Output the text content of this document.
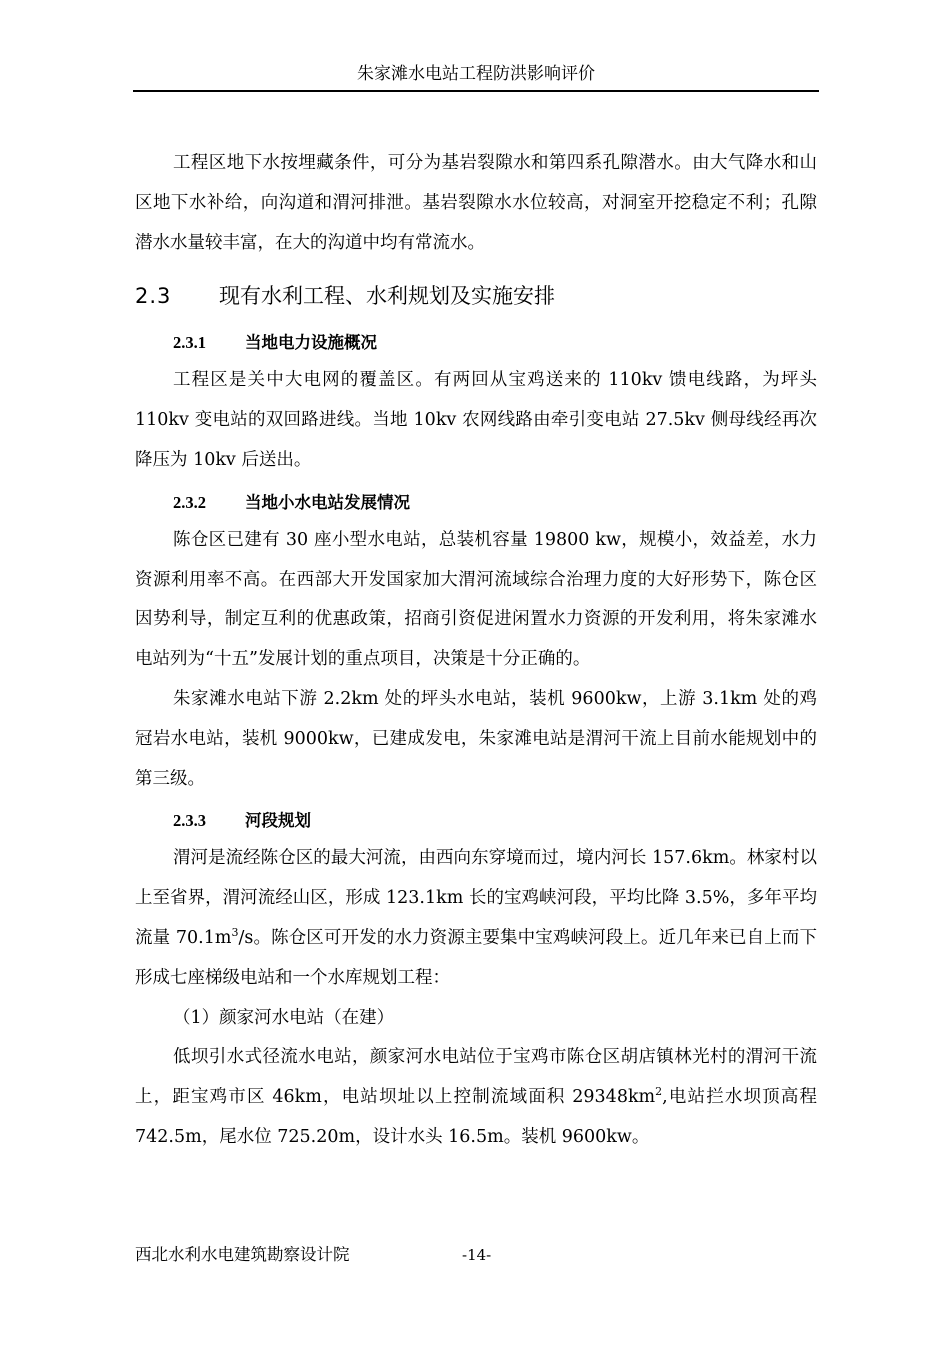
朱家滩水电站工程防洪影响评价

工程区地下水按埋藏条件，可分为基岩裂隙水和第四系孔隙潜水。由大气降水和山区地下水补给，向沟道和渭河排泄。基岩裂隙水水位较高，对洞室开挖稳定不利；孔隙潜水水量较丰富，在大的沟道中均有常流水。

2.3 现有水利工程、水利规划及实施安排
2.3.1 当地电力设施概况

工程区是关中大电网的覆盖区。有两回从宝鸡送来的 110kv 馈电线路，为坪头 110kv 变电站的双回路进线。当地 10kv 农网线路由牵引变电站 27.5kv 侧母线经再次降压为 10kv 后送出。

2.3.2 当地小水电站发展情况

陈仓区已建有 30 座小型水电站，总装机容量 19800 kw，规模小，效益差，水力资源利用率不高。在西部大开发国家加大渭河流域综合治理力度的大好形势下，陈仓区因势利导，制定互利的优惠政策，招商引资促进闲置水力资源的开发利用，将朱家滩水电站列为“十五”发展计划的重点项目，决策是十分正确的。

朱家滩水电站下游 2.2km 处的坪头水电站，装机 9600kw，上游 3.1km 处的鸡冠岩水电站，装机 9000kw，已建成发电，朱家滩电站是渭河干流上目前水能规划中的第三级。

2.3.3 河段规划

渭河是流经陈仓区的最大河流，由西向东穿境而过，境内河长 157.6km。林家村以上至省界，渭河流经山区，形成 123.1km 长的宝鸡峡河段，平均比降 3.5%，多年平均流量 $70.1m^3/s$。陈仓区可开发的水力资源主要集中宝鸡峡河段上。近几年来已自上而下形成七座梯级电站和一个水库规划工程：

（1）颜家河水电站（在建）

低坝引水式径流水电站，颜家河水电站位于宝鸡市陈仓区胡店镇林光村的渭河干流上，距宝鸡市区 46km，电站坝址以上控制流域面积 $29348km^2$,电站拦水坝顶高程 742.5m，尾水位 725.20m，设计水头 16.5m。装机 9600kw。

西北水利水电建筑勘察设计院	-14-
